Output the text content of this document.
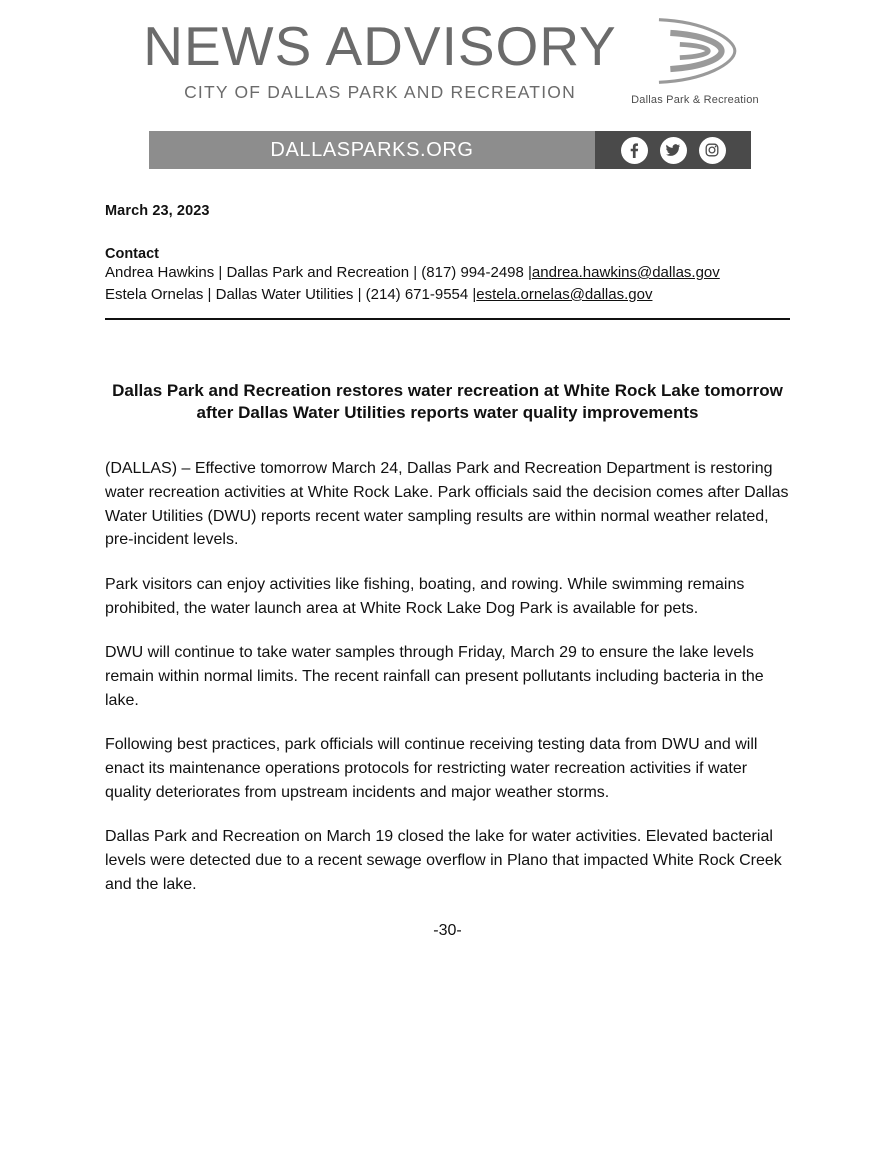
NEWS ADVISORY
CITY OF DALLAS PARK AND RECREATION	Dallas Park & Recreation
DALLASPARKS.ORG
March 23, 2023
Contact
Andrea Hawkins | Dallas Park and Recreation | (817) 994-2498 |andrea.hawkins@dallas.gov
Estela Ornelas | Dallas Water Utilities | (214) 671-9554 |estela.ornelas@dallas.gov
Dallas Park and Recreation restores water recreation at White Rock Lake tomorrow after Dallas Water Utilities reports water quality improvements
(DALLAS) – Effective tomorrow March 24, Dallas Park and Recreation Department is restoring water recreation activities at White Rock Lake. Park officials said the decision comes after Dallas Water Utilities (DWU) reports recent water sampling results are within normal weather related, pre-incident levels.
Park visitors can enjoy activities like fishing, boating, and rowing. While swimming remains prohibited, the water launch area at White Rock Lake Dog Park is available for pets.
DWU will continue to take water samples through Friday, March 29 to ensure the lake levels remain within normal limits. The recent rainfall can present pollutants including bacteria in the lake.
Following best practices, park officials will continue receiving testing data from DWU and will enact its maintenance operations protocols for restricting water recreation activities if water quality deteriorates from upstream incidents and major weather storms.
Dallas Park and Recreation on March 19 closed the lake for water activities. Elevated bacterial levels were detected due to a recent sewage overflow in Plano that impacted White Rock Creek and the lake.
-30-
